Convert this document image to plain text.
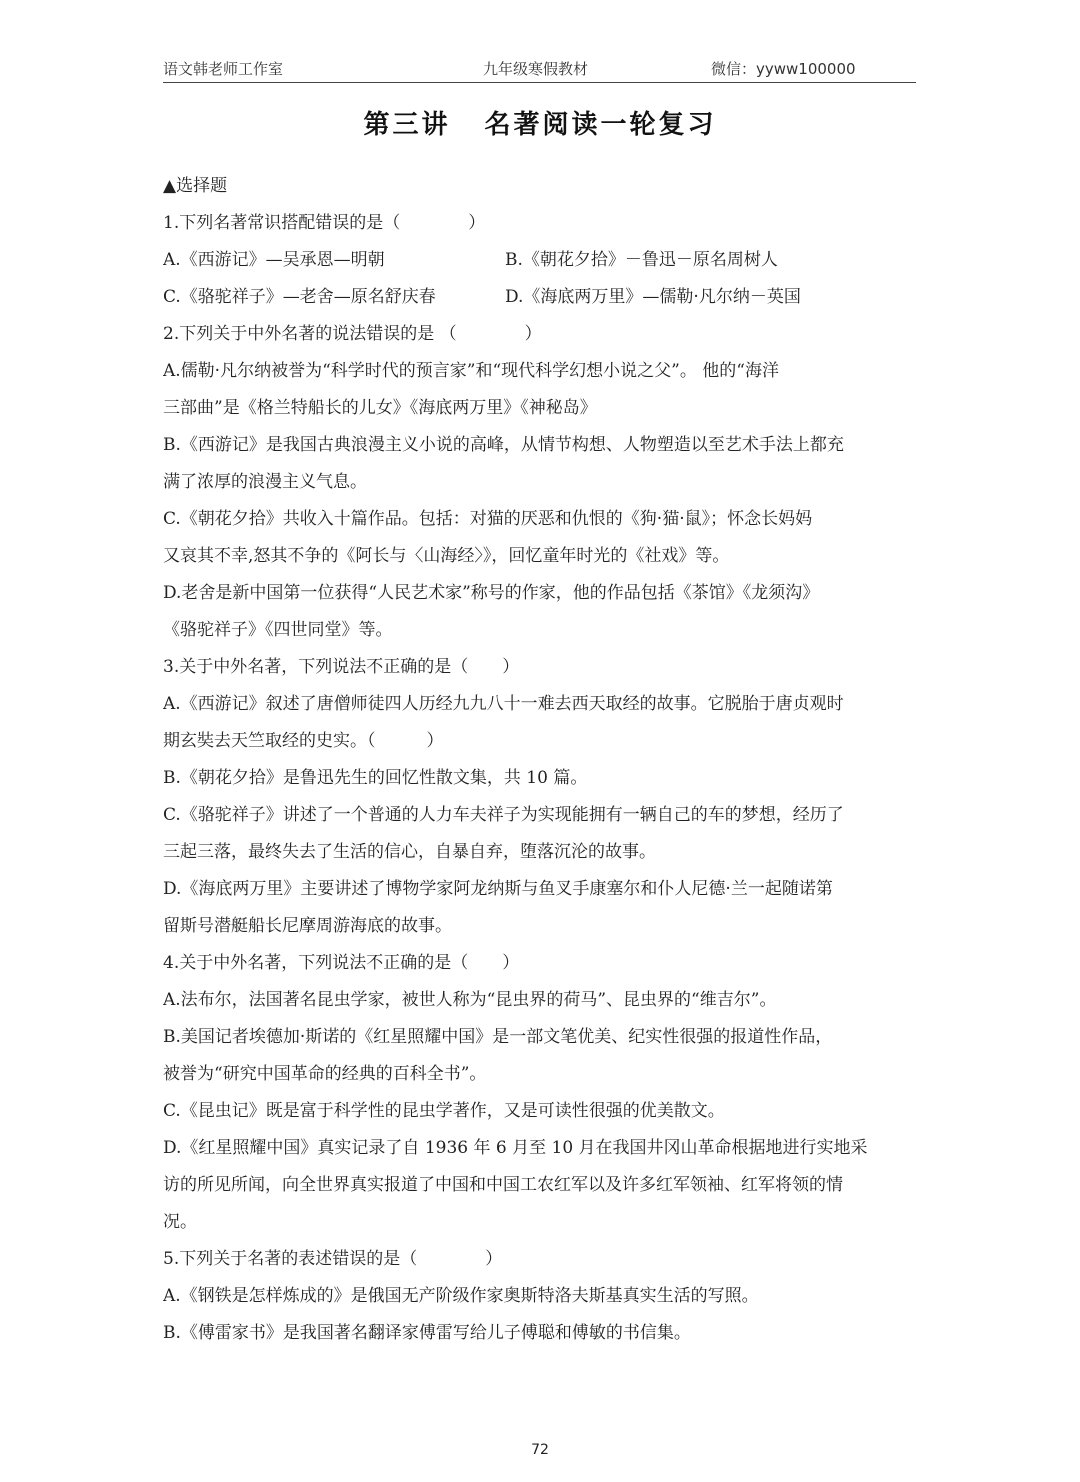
语文韩老师工作室	九年级寒假教材	微信：yyww100000
第三讲 名著阅读一轮复习
▲选择题
1.下列名著常识搭配错误的是（　　　　）
A.《西游记》—吴承恩—明朝	B.《朝花夕拾》－鲁迅－原名周树人
C.《骆驼祥子》—老舍—原名舒庆春	D.《海底两万里》—儒勒·凡尔纳－英国
2.下列关于中外名著的说法错误的是 （　　　　）
A.儒勒·凡尔纳被誉为“科学时代的预言家”和“现代科学幻想小说之父”。 他的“海洋
三部曲”是《格兰特船长的儿女》《海底两万里》《神秘岛》
B.《西游记》是我国古典浪漫主义小说的高峰，从情节构想、人物塑造以至艺术手法上都充
满了浓厚的浪漫主义气息。
C.《朝花夕拾》共收入十篇作品。包括：对猫的厌恶和仇恨的《狗·猫·鼠》；怀念长妈妈
又哀其不幸,怒其不争的《阿长与〈山海经〉》，回忆童年时光的《社戏》等。
D.老舍是新中国第一位获得“人民艺术家”称号的作家，他的作品包括《茶馆》《龙须沟》
《骆驼祥子》《四世同堂》等。
3.关于中外名著，下列说法不正确的是（　　）
A.《西游记》叙述了唐僧师徒四人历经九九八十一难去西天取经的故事。它脱胎于唐贞观时
期玄奘去天竺取经的史实。（　　　）
B.《朝花夕拾》是鲁迅先生的回忆性散文集，共 10 篇。
C.《骆驼祥子》讲述了一个普通的人力车夫祥子为实现能拥有一辆自己的车的梦想，经历了
三起三落，最终失去了生活的信心，自暴自弃，堕落沉沦的故事。
D.《海底两万里》主要讲述了博物学家阿龙纳斯与鱼叉手康塞尔和仆人尼德·兰一起随诺第
留斯号潜艇船长尼摩周游海底的故事。
4.关于中外名著，下列说法不正确的是（　　）
A.法布尔，法国著名昆虫学家，被世人称为“昆虫界的荷马”、昆虫界的“维吉尔”。
B.美国记者埃德加·斯诺的《红星照耀中国》是一部文笔优美、纪实性很强的报道性作品，
被誉为“研究中国革命的经典的百科全书”。
C.《昆虫记》既是富于科学性的昆虫学著作，又是可读性很强的优美散文。
D.《红星照耀中国》真实记录了自 1936 年 6 月至 10 月在我国井冈山革命根据地进行实地采
访的所见所闻，向全世界真实报道了中国和中国工农红军以及许多红军领袖、红军将领的情
况。
5.下列关于名著的表述错误的是（　　　　）
A.《钢铁是怎样炼成的》是俄国无产阶级作家奥斯特洛夫斯基真实生活的写照。
B.《傅雷家书》是我国著名翻译家傅雷写给儿子傅聪和傅敏的书信集。
72
